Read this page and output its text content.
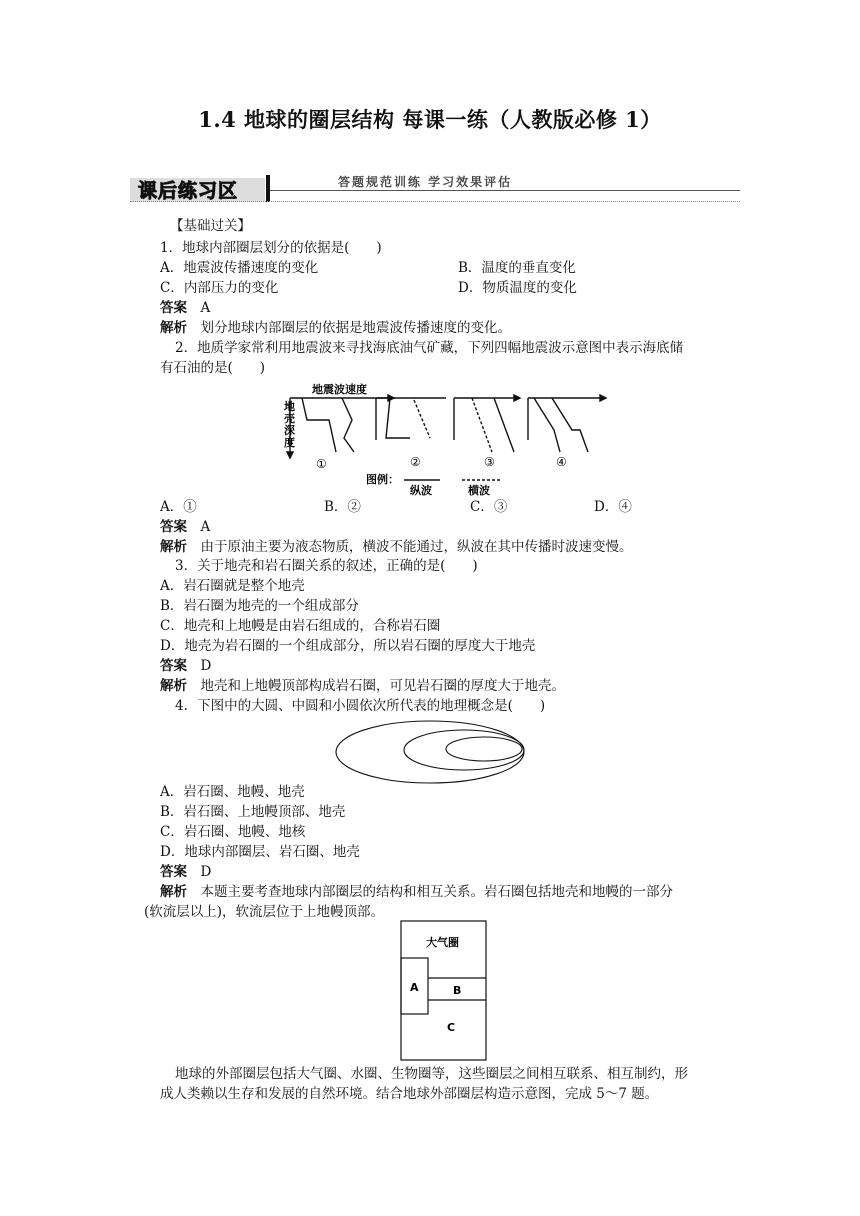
1.4 地球的圈层结构 每课一练（人教版必修 1）
课后练习区	答题规范训练 学习效果评估
【基础过关】
1．地球内部圈层划分的依据是(　　)
A．地震波传播速度的变化	B．温度的垂直变化
C．内部压力的变化	D．物质温度的变化
答案　 A
解析　 划分地球内部圈层的依据是地震波传播速度的变化。
2．地质学家常利用地震波来寻找海底油气矿藏，下列四幅地震波示意图中表示海底储
有石油的是(　　)
地震波速度
地
壳
深
度
①	②	③	④
图例：
纵波	横波
A．①	B．②	C．③	D．④
答案　 A
解析　 由于原油主要为液态物质，横波不能通过，纵波在其中传播时波速变慢。
3．关于地壳和岩石圈关系的叙述，正确的是(　　)
A．岩石圈就是整个地壳
B．岩石圈为地壳的一个组成部分
C．地壳和上地幔是由岩石组成的，合称岩石圈
D．地壳为岩石圈的一个组成部分，所以岩石圈的厚度大于地壳
答案　 D
解析　 地壳和上地幔顶部构成岩石圈，可见岩石圈的厚度大于地壳。
4．下图中的大圆、中圆和小圆依次所代表的地理概念是(　　)
A．岩石圈、地幔、地壳
B．岩石圈、上地幔顶部、地壳
C．岩石圈、地幔、地核
D．地球内部圈层、岩石圈、地壳
答案　 D
解析　 本题主要考查地球内部圈层的结构和相互关系。岩石圈包括地壳和地幔的一部分
(软流层以上)，软流层位于上地幔顶部。
大气圈
A	B
C
地球的外部圈层包括大气圈、水圈、生物圈等，这些圈层之间相互联系、相互制约，形
成人类赖以生存和发展的自然环境。结合地球外部圈层构造示意图，完成 5～7 题。
